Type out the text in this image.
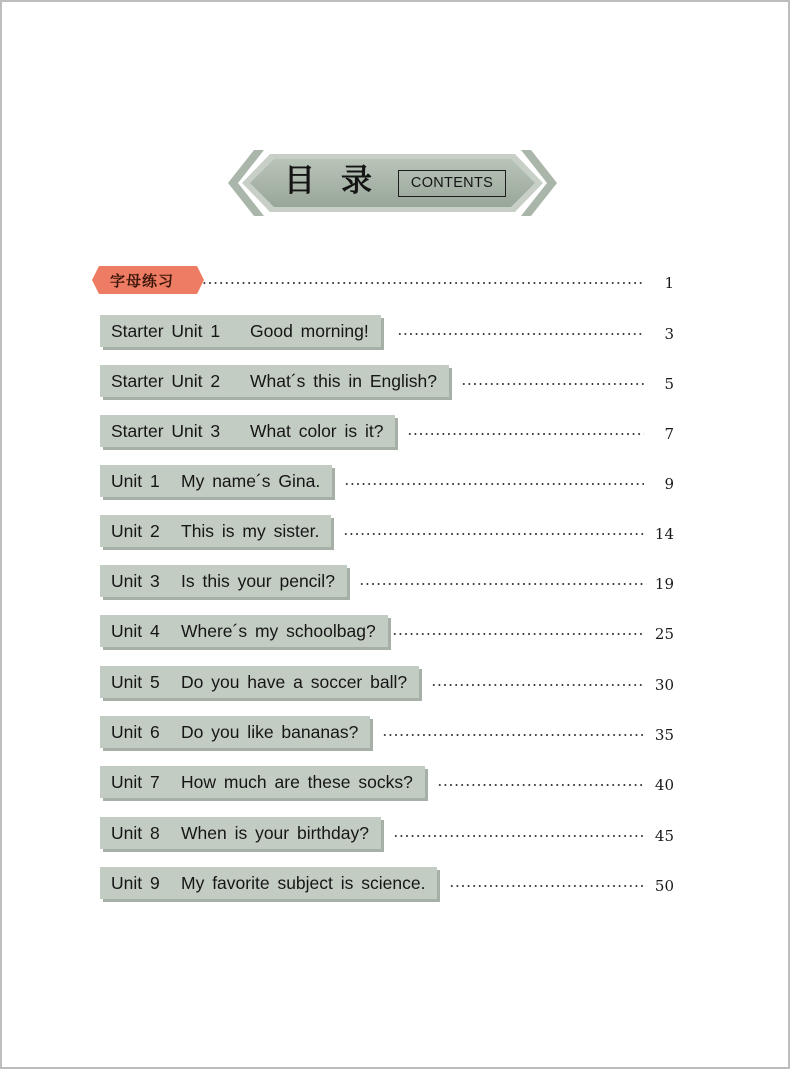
目录 CONTENTS
字母练习	1
Starter Unit 1	Good morning!	3
Starter Unit 2	What´s this in English?	5
Starter Unit 3	What color is it?	7
Unit 1	My name´s Gina.	9
Unit 2	This is my sister.	14
Unit 3	Is this your pencil?	19
Unit 4	Where´s my schoolbag?	25
Unit 5	Do you have a soccer ball?	30
Unit 6	Do you like bananas?	35
Unit 7	How much are these socks?	40
Unit 8	When is your birthday?	45
Unit 9	My favorite subject is science.	50
